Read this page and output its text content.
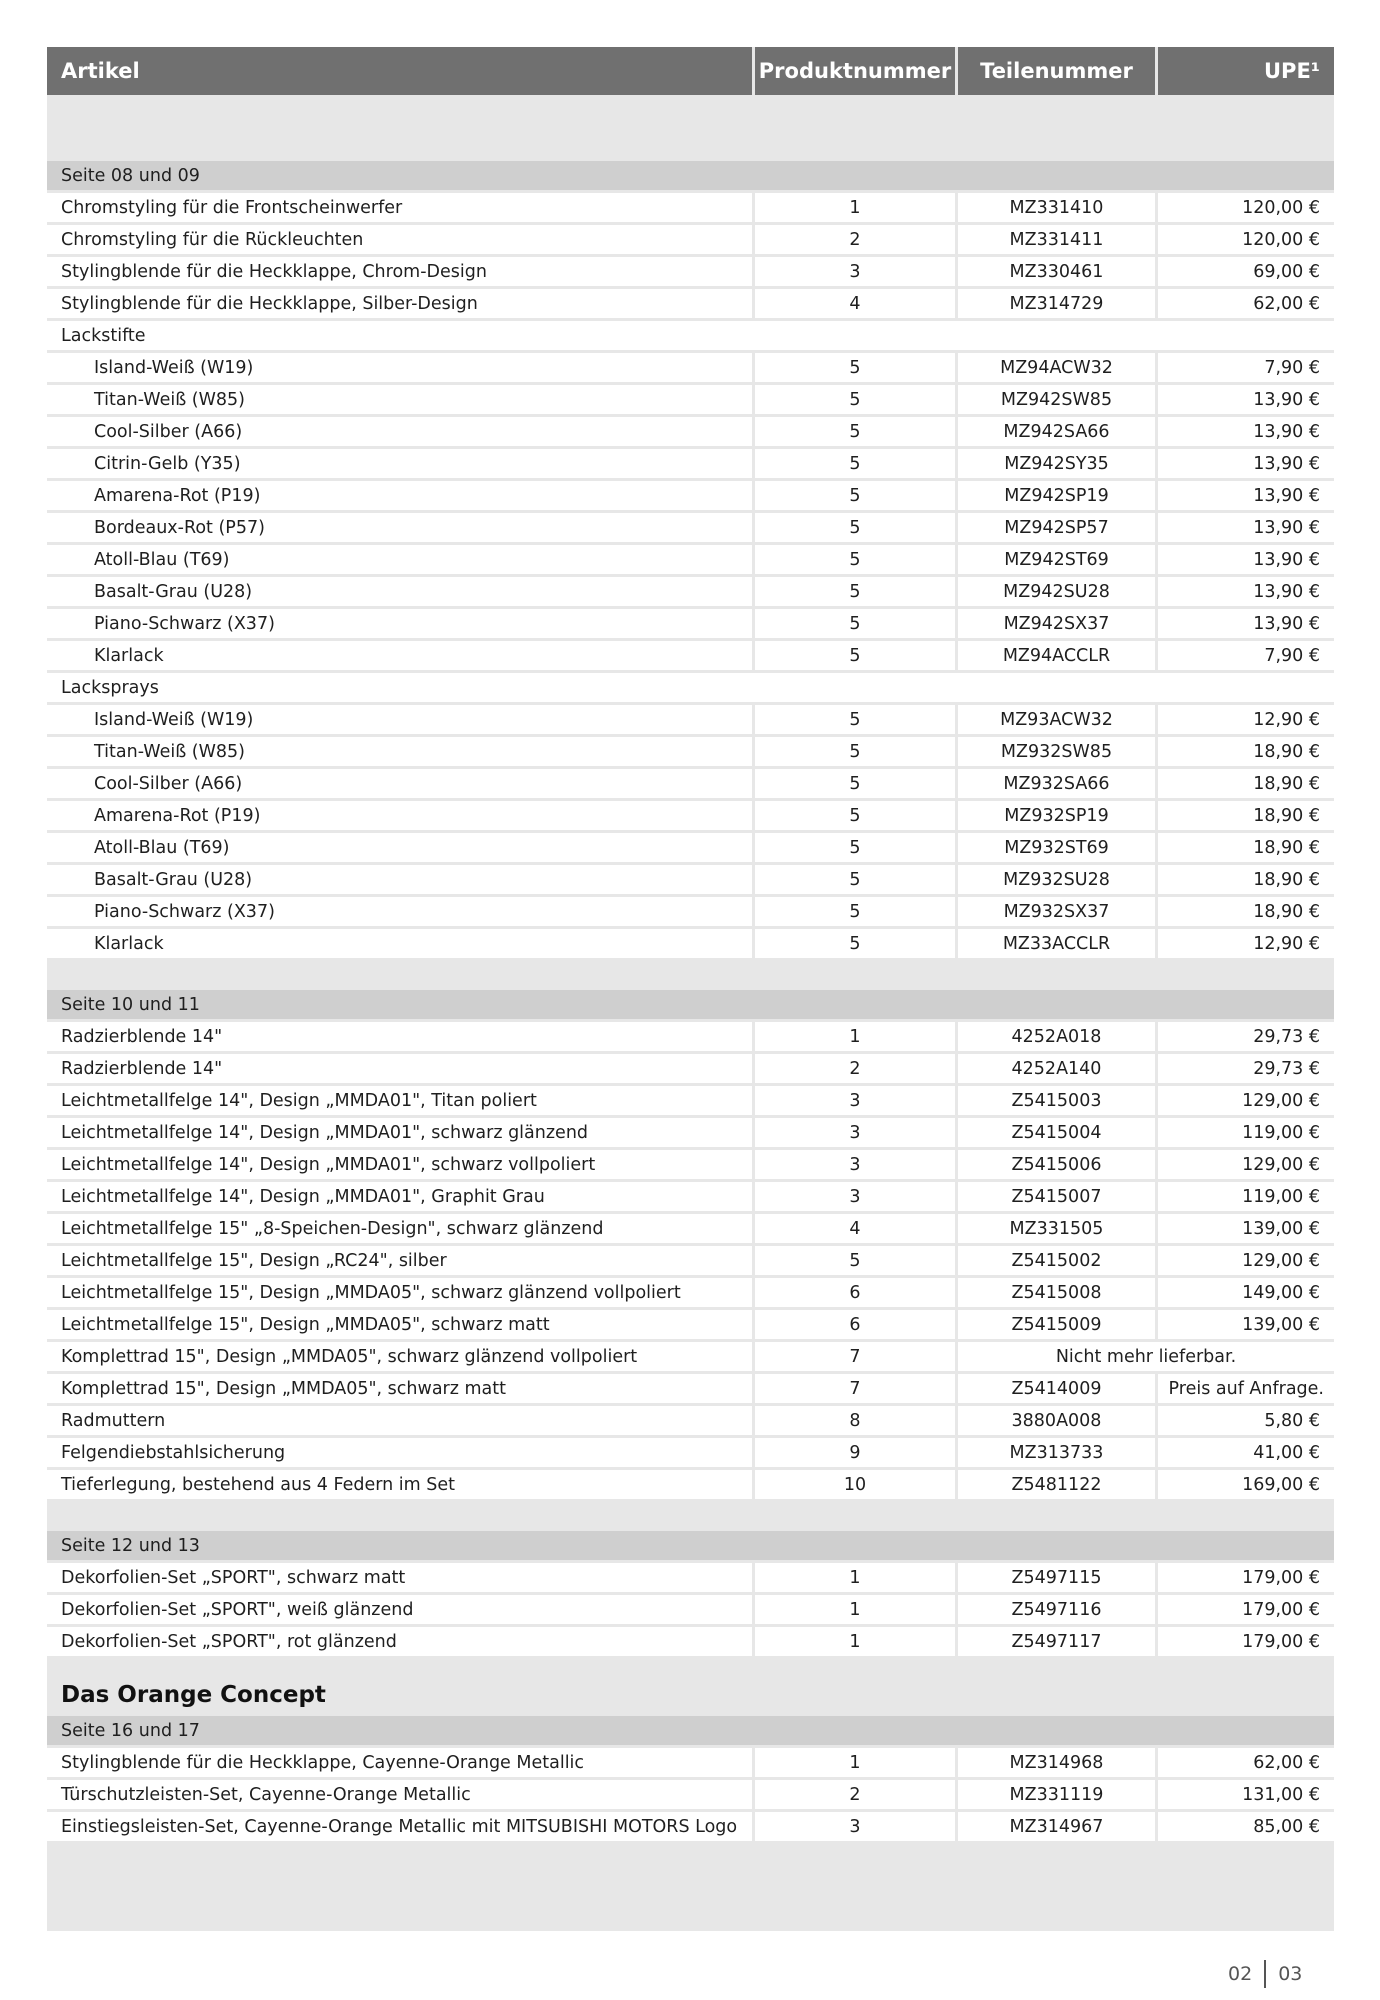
Artikel	Produktnummer	Teilenummer	UPE¹
Seite 08 und 09
Chromstyling für die Frontscheinwerfer	1	MZ331410	120,00 €
Chromstyling für die Rückleuchten	2	MZ331411	120,00 €
Stylingblende für die Heckklappe, Chrom-Design	3	MZ330461	69,00 €
Stylingblende für die Heckklappe, Silber-Design	4	MZ314729	62,00 €
Lackstifte
Island-Weiß (W19)	5	MZ94ACW32	7,90 €
Titan-Weiß (W85)	5	MZ942SW85	13,90 €
Cool-Silber (A66)	5	MZ942SA66	13,90 €
Citrin-Gelb (Y35)	5	MZ942SY35	13,90 €
Amarena-Rot (P19)	5	MZ942SP19	13,90 €
Bordeaux-Rot (P57)	5	MZ942SP57	13,90 €
Atoll-Blau (T69)	5	MZ942ST69	13,90 €
Basalt-Grau (U28)	5	MZ942SU28	13,90 €
Piano-Schwarz (X37)	5	MZ942SX37	13,90 €
Klarlack	5	MZ94ACCLR	7,90 €
Lacksprays
Island-Weiß (W19)	5	MZ93ACW32	12,90 €
Titan-Weiß (W85)	5	MZ932SW85	18,90 €
Cool-Silber (A66)	5	MZ932SA66	18,90 €
Amarena-Rot (P19)	5	MZ932SP19	18,90 €
Atoll-Blau (T69)	5	MZ932ST69	18,90 €
Basalt-Grau (U28)	5	MZ932SU28	18,90 €
Piano-Schwarz (X37)	5	MZ932SX37	18,90 €
Klarlack	5	MZ33ACCLR	12,90 €
Seite 10 und 11
Radzierblende 14"	1	4252A018	29,73 €
Radzierblende 14"	2	4252A140	29,73 €
Leichtmetallfelge 14", Design „MMDA01", Titan poliert	3	Z5415003	129,00 €
Leichtmetallfelge 14", Design „MMDA01", schwarz glänzend	3	Z5415004	119,00 €
Leichtmetallfelge 14", Design „MMDA01", schwarz vollpoliert	3	Z5415006	129,00 €
Leichtmetallfelge 14", Design „MMDA01", Graphit Grau	3	Z5415007	119,00 €
Leichtmetallfelge 15" „8-Speichen-Design", schwarz glänzend	4	MZ331505	139,00 €
Leichtmetallfelge 15", Design „RC24", silber	5	Z5415002	129,00 €
Leichtmetallfelge 15", Design „MMDA05", schwarz glänzend vollpoliert	6	Z5415008	149,00 €
Leichtmetallfelge 15", Design „MMDA05", schwarz matt	6	Z5415009	139,00 €
Komplettrad 15", Design „MMDA05", schwarz glänzend vollpoliert	7	Nicht mehr lieferbar.
Komplettrad 15", Design „MMDA05", schwarz matt	7	Z5414009	Preis auf Anfrage.
Radmuttern	8	3880A008	5,80 €
Felgendiebstahlsicherung	9	MZ313733	41,00 €
Tieferlegung, bestehend aus 4 Federn im Set	10	Z5481122	169,00 €
Seite 12 und 13
Dekorfolien-Set „SPORT", schwarz matt	1	Z5497115	179,00 €
Dekorfolien-Set „SPORT", weiß glänzend	1	Z5497116	179,00 €
Dekorfolien-Set „SPORT", rot glänzend	1	Z5497117	179,00 €
Das Orange Concept
Seite 16 und 17
Stylingblende für die Heckklappe, Cayenne-Orange Metallic	1	MZ314968	62,00 €
Türschutzleisten-Set, Cayenne-Orange Metallic	2	MZ331119	131,00 €
Einstiegsleisten-Set, Cayenne-Orange Metallic mit MITSUBISHI MOTORS Logo	3	MZ314967	85,00 €
02 03
